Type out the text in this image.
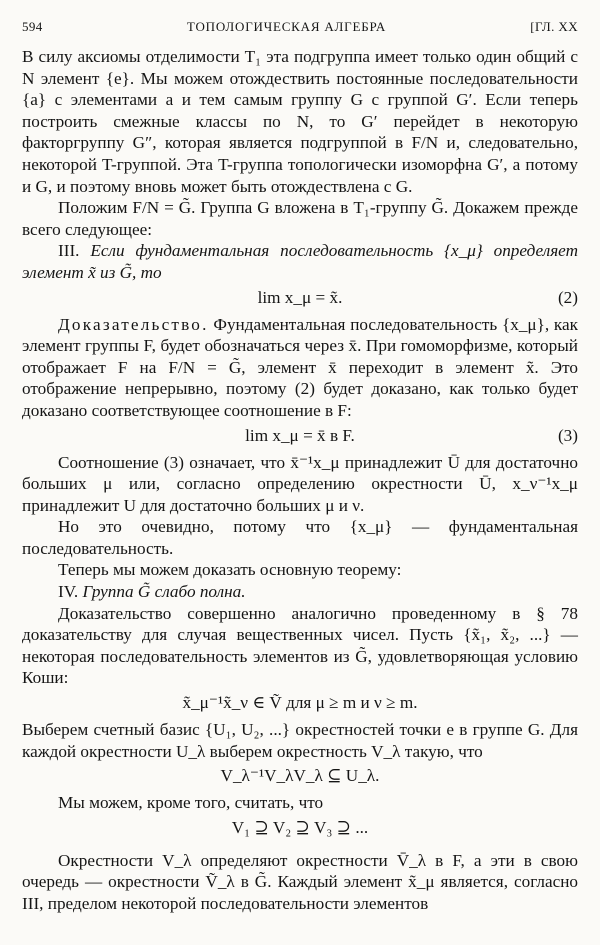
594	ТОПОЛОГИЧЕСКАЯ АЛГЕБРА	[ГЛ. XX

В силу аксиомы отделимости T₁ эта подгруппа имеет только один общий с N элемент {e}. Мы можем отождествить постоянные последовательности {a} с элементами a и тем самым группу G с группой G′. Если теперь построить смежные классы по N, то G′ перейдет в некоторую факторгруппу G″, которая является подгруппой в F/N и, следовательно, некоторой T-группой. Эта T-группа топологически изоморфна G′, а потому и G, и поэтому вновь может быть отождествлена с G.

Положим F/N = G̃. Группа G вложена в T₁-группу G̃. Докажем прежде всего следующее:

III. Если фундаментальная последовательность {x_μ} определяет элемент x̃ из G̃, то

lim x_μ = x̃.	(2)

Доказательство. Фундаментальная последовательность {x_μ}, как элемент группы F, будет обозначаться через x̄. При гомоморфизме, который отображает F на F/N = G̃, элемент x̄ переходит в элемент x̃. Это отображение непрерывно, поэтому (2) будет доказано, как только будет доказано соответствующее соотношение в F:

lim x_μ = x̄ в F.	(3)

Соотношение (3) означает, что x̄⁻¹x_μ принадлежит Ū для достаточно больших μ или, согласно определению окрестности Ū, x_ν⁻¹x_μ принадлежит U для достаточно больших μ и ν.

Но это очевидно, потому что {x_μ} — фундаментальная последовательность.

Теперь мы можем доказать основную теорему:

IV. Группа G̃ слабо полна.

Доказательство совершенно аналогично проведенному в § 78 доказательству для случая вещественных чисел. Пусть {x̃₁, x̃₂, ...} — некоторая последовательность элементов из G̃, удовлетворяющая условию Коши:

x̃_μ⁻¹x̃_ν ∈ Ṽ для μ ≥ m и ν ≥ m.

Выберем счетный базис {U₁, U₂, ...} окрестностей точки e в группе G. Для каждой окрестности U_λ выберем окрестность V_λ такую, что

V_λ⁻¹V_λV_λ ⊆ U_λ.

Мы можем, кроме того, считать, что

V₁ ⊇ V₂ ⊇ V₃ ⊇ ...

Окрестности V_λ определяют окрестности V̄_λ в F, а эти в свою очередь — окрестности Ṽ_λ в G̃. Каждый элемент x̃_μ является, согласно III, пределом некоторой последовательности элементов
